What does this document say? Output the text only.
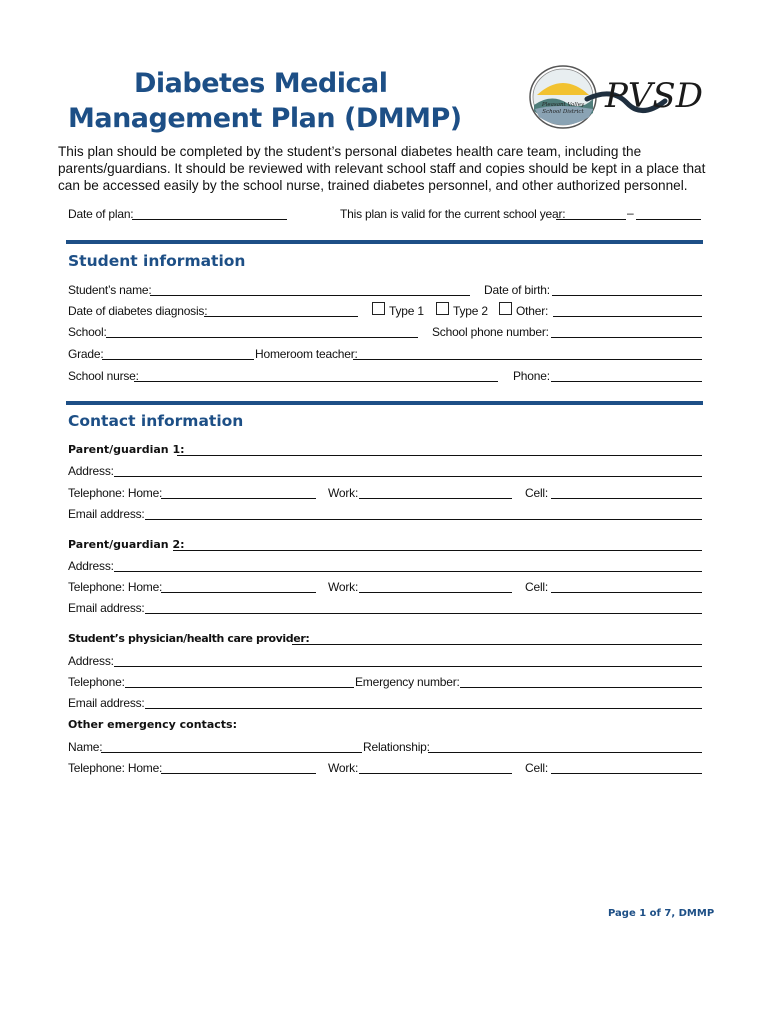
Diabetes Medical
Management Plan (DMMP)	Pleasant Valley
School District PVSD
This plan should be completed by the student’s personal diabetes health care team, including the parents/guardians. It should be reviewed with relevant school staff and copies should be kept in a place that can be accessed easily by the school nurse, trained diabetes personnel, and other authorized personnel.
Date of plan:	This plan is valid for the current school year:	–
Student information
Student’s name:	Date of birth:
Date of diabetes diagnosis:	Type 1 Type 2 Other:
School:	School phone number:
Grade:	Homeroom teacher:
School nurse:	Phone:
Contact information
Parent/guardian 1:
Address:
Telephone: Home:	Work:	Cell:
Email address:
Parent/guardian 2:
Address:
Telephone: Home:	Work:	Cell:
Email address:
Student’s physician/health care provider:
Address:
Telephone:	Emergency number:
Email address:
Other emergency contacts:
Name:	Relationship:
Telephone: Home:	Work:	Cell:
Page 1 of 7, DMMP
